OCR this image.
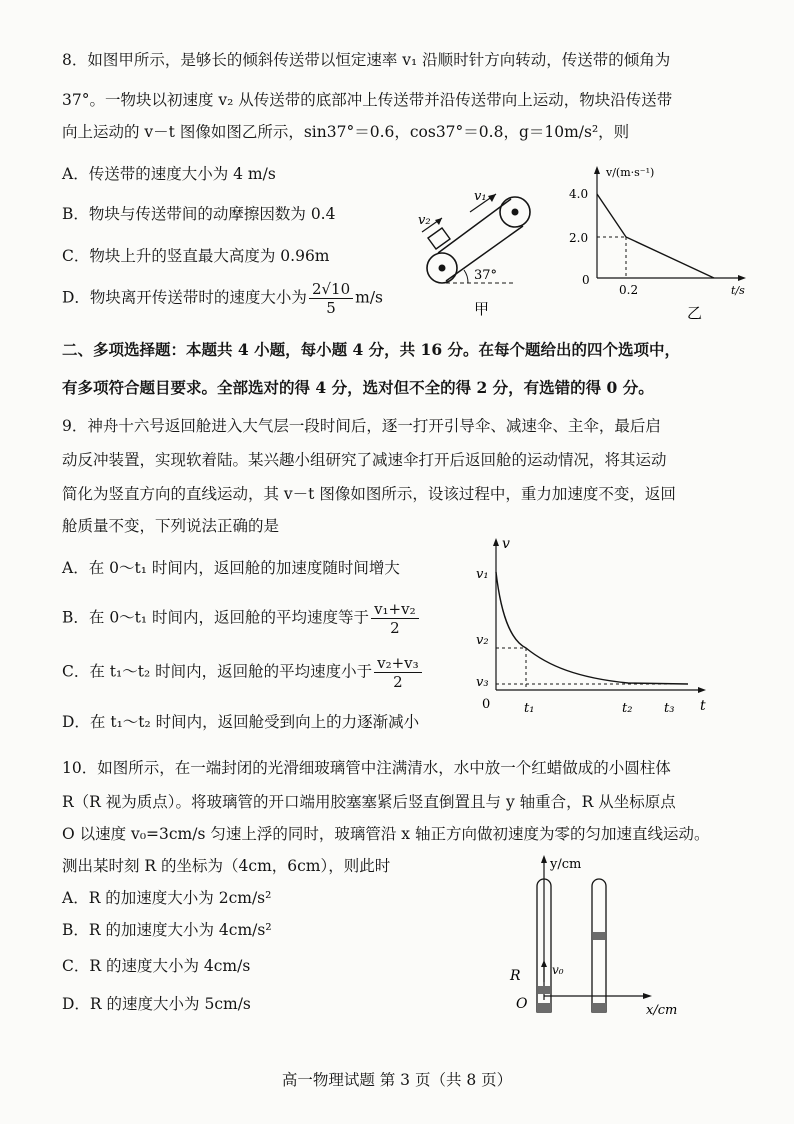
8．如图甲所示，是够长的倾斜传送带以恒定速率 v₁ 沿顺时针方向转动，传送带的倾角为
37°。一物块以初速度 v₂ 从传送带的底部冲上传送带并沿传送带向上运动，物块沿传送带
向上运动的 v－t 图像如图乙所示，sin37°＝0.6，cos37°＝0.8，g＝10m/s²，则
A．传送带的速度大小为 4 m/s
B．物块与传送带间的动摩擦因数为 0.4
C．物块上升的竖直最大高度为 0.96m
D．物块离开传送带时的速度大小为 $\frac{2√10}{5} m/s$
v₂
v₁
37°
甲
v/(m·s⁻¹)
t/s
0
4.0
2.0
0.2
乙
二、多项选择题：本题共 4 小题，每小题 4 分，共 16 分。在每个题给出的四个选项中，
有多项符合题目要求。全部选对的得 4 分，选对但不全的得 2 分，有选错的得 0 分。
9．神舟十六号返回舱进入大气层一段时间后，逐一打开引导伞、减速伞、主伞，最后启
动反冲装置，实现软着陆。某兴趣小组研究了减速伞打开后返回舱的运动情况，将其运动
简化为竖直方向的直线运动，其 v－t 图像如图所示，设该过程中，重力加速度不变，返回
舱质量不变，下列说法正确的是
A．在 0～t₁ 时间内，返回舱的加速度随时间增大
B．在 0～t₁ 时间内，返回舱的平均速度等于 $\frac{\text{v₁+v₂}}{2}$
C．在 t₁～t₂ 时间内，返回舱的平均速度小于 $\frac{\text{v₂+v₃}}{2}$
D．在 t₁～t₂ 时间内，返回舱受到向上的力逐渐减小
v
t
0
v₁
v₂
v₃
t₁	t₂ t₃
10．如图所示，在一端封闭的光滑细玻璃管中注满清水，水中放一个红蜡做成的小圆柱体
R（R 视为质点）。将玻璃管的开口端用胶塞塞紧后竖直倒置且与 y 轴重合，R 从坐标原点
O 以速度 v₀=3cm/s 匀速上浮的同时，玻璃管沿 x 轴正方向做初速度为零的匀加速直线运动。
测出某时刻 R 的坐标为（4cm，6cm），则此时
A．R 的加速度大小为 2cm/s²
B．R 的加速度大小为 4cm/s²
C．R 的速度大小为 4cm/s
D．R 的速度大小为 5cm/s
y/cm
x/cm
O
R	v₀
高一物理试题 第 3 页（共 8 页）
